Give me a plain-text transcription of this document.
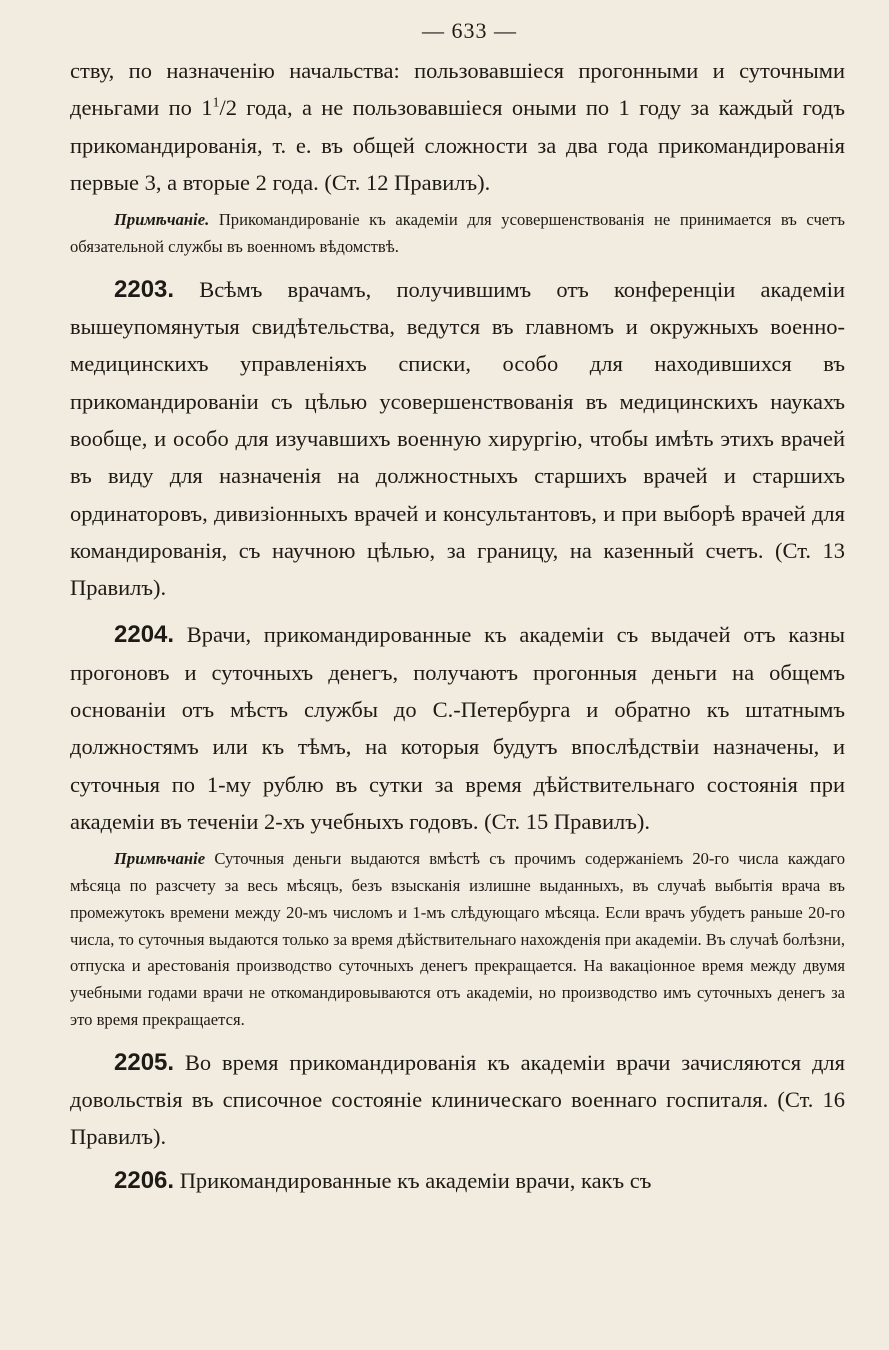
— 633 —

ству, по назначенію начальства: пользовавшіеся прогонными и суточными деньгами по $1^1/2$ года, а не пользовавшіеся оными по 1 году за каждый годъ прикомандированія, т. е. въ общей сложности за два года прикомандированія первые 3, а вторые 2 года. (Ст. 12 Правилъ).

Примѣчаніе. Прикомандированіе къ академіи для усовершенствованія не принимается въ счетъ обязательной службы въ военномъ вѣдомствѣ.

2203. Всѣмъ врачамъ, получившимъ отъ конференціи академіи вышеупомянутыя свидѣтельства, ведутся въ главномъ и окружныхъ военно-медицинскихъ управленіяхъ списки, особо для находившихся въ прикомандированіи съ цѣлью усовершенствованія въ медицинскихъ наукахъ вообще, и особо для изучавшихъ военную хирургію, чтобы имѣть этихъ врачей въ виду для назначенія на должностныхъ старшихъ врачей и старшихъ ординаторовъ, дивизіонныхъ врачей и консультантовъ, и при выборѣ врачей для командированія, съ научною цѣлью, за границу, на казенный счетъ. (Ст. 13 Правилъ).

2204. Врачи, прикомандированные къ академіи съ выдачей отъ казны прогоновъ и суточныхъ денегъ, получаютъ прогонныя деньги на общемъ основаніи отъ мѣстъ службы до С.-Петербурга и обратно къ штатнымъ должностямъ или къ тѣмъ, на которыя будутъ впослѣдствіи назначены, и суточныя по 1-му рублю въ сутки за время дѣйствительнаго состоянія при академіи въ теченіи 2-хъ учебныхъ годовъ. (Ст. 15 Правилъ).

Примѣчаніе Суточныя деньги выдаются вмѣстѣ съ прочимъ содержаніемъ 20-го числа каждаго мѣсяца по разсчету за весь мѣсяцъ, безъ взысканія излишне выданныхъ, въ случаѣ выбытія врача въ промежутокъ времени между 20-мъ числомъ и 1-мъ слѣдующаго мѣсяца. Если врачъ убудетъ раньше 20-го числа, то суточныя выдаются только за время дѣйствительнаго нахожденія при академіи. Въ случаѣ болѣзни, отпуска и арестованія производство суточныхъ денегъ прекращается. На вакаціонное время между двумя учебными годами врачи не откомандировываются отъ академіи, но производство имъ суточныхъ денегъ за это время прекращается.

2205. Во время прикомандированія къ академіи врачи зачисляются для довольствія въ списочное состояніе клиническаго военнаго госпиталя. (Ст. 16 Правилъ).

2206. Прикомандированные къ академіи врачи, какъ съ
